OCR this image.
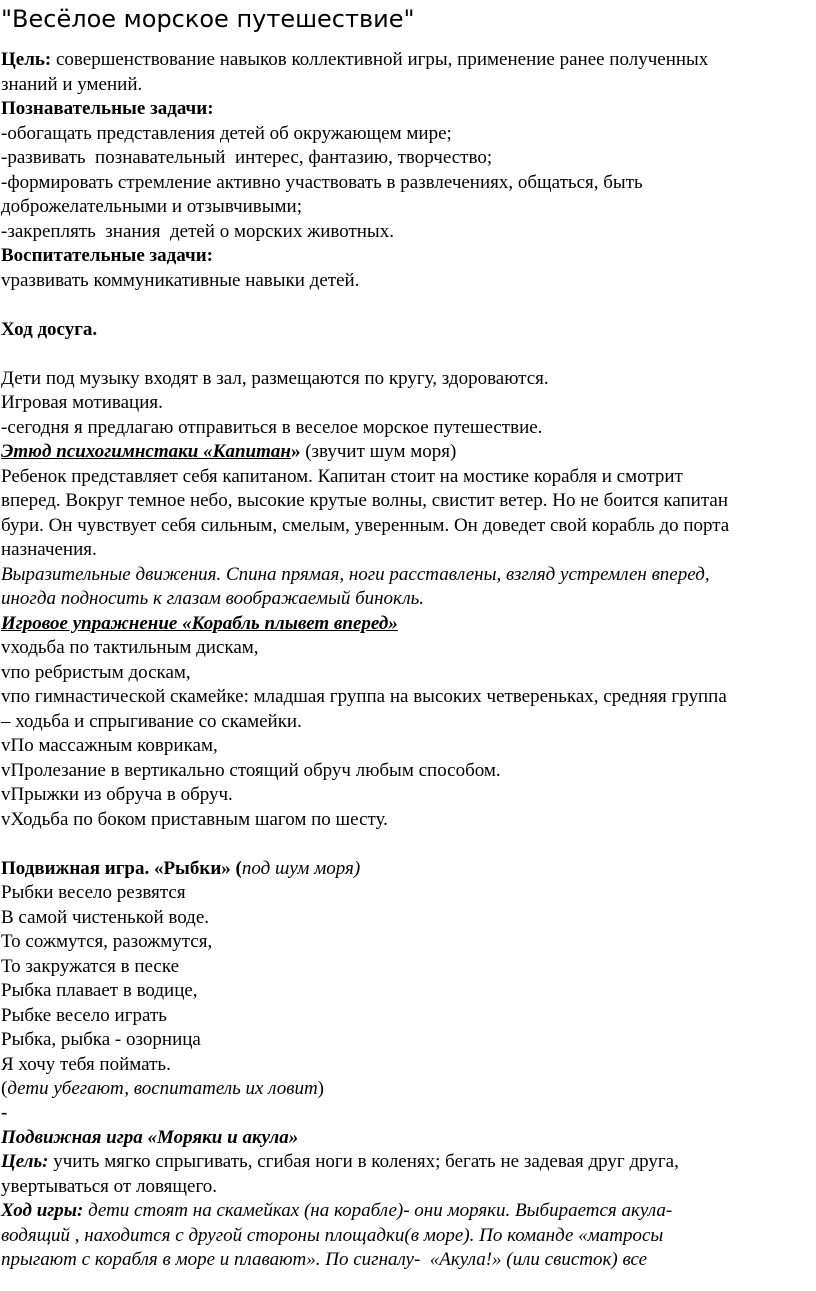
"Весёлое морское путешествие"
Цель: совершенствование навыков коллективной игры, применение ранее полученных
знаний и умений.
Познавательные задачи:
-обогащать представления детей об окружающем мире;
-развивать  познавательный  интерес, фантазию, творчество;
-формировать стремление активно участвовать в развлечениях, общаться, быть
доброжелательными и отзывчивыми;
-закреплять  знания  детей о морских животных.
Воспитательные задачи:
vразвивать коммуникативные навыки детей.
Ход досуга.
Дети под музыку входят в зал, размещаются по кругу, здороваются.
Игровая мотивация.
-сегодня я предлагаю отправиться в веселое морское путешествие.
Этюд психогимнстаки «Капитан» (звучит шум моря)
Ребенок представляет себя капитаном. Капитан стоит на мостике корабля и смотрит
вперед. Вокруг темное небо, высокие крутые волны, свистит ветер. Но не боится капитан
бури. Он чувствует себя сильным, смелым, уверенным. Он доведет свой корабль до порта
назначения.
Выразительные движения. Спина прямая, ноги расставлены, взгляд устремлен вперед,
иногда подносить к глазам воображаемый бинокль.
Игровое упражнение «Корабль плывет вперед»
vходьба по тактильным дискам,
vпо ребристым доскам,
vпо гимнастической скамейке: младшая группа на высоких четвереньках, средняя группа
– ходьба и спрыгивание со скамейки.
vПо массажным коврикам,
vПролезание в вертикально стоящий обруч любым способом.
vПрыжки из обруча в обруч.
vХодьба по боком приставным шагом по шесту.
Подвижная игра. «Рыбки» (под шум моря)
Рыбки весело резвятся
В самой чистенькой воде.
То сожмутся, разожмутся,
То закружатся в песке
Рыбка плавает в водице,
Рыбке весело играть
Рыбка, рыбка - озорница
Я хочу тебя поймать.
(дети убегают, воспитатель их ловит)
-
Подвижная игра «Моряки и акула»
Цель: учить мягко спрыгивать, сгибая ноги в коленях; бегать не задевая друг друга,
увертываться от ловящего.
Ход игры: дети стоят на скамейках (на корабле)- они моряки. Выбирается акула-
водящий , находится с другой стороны площадки(в море). По команде «матросы
прыгают с корабля в море и плавают». По сигналу-  «Акула!» (или свисток) все
